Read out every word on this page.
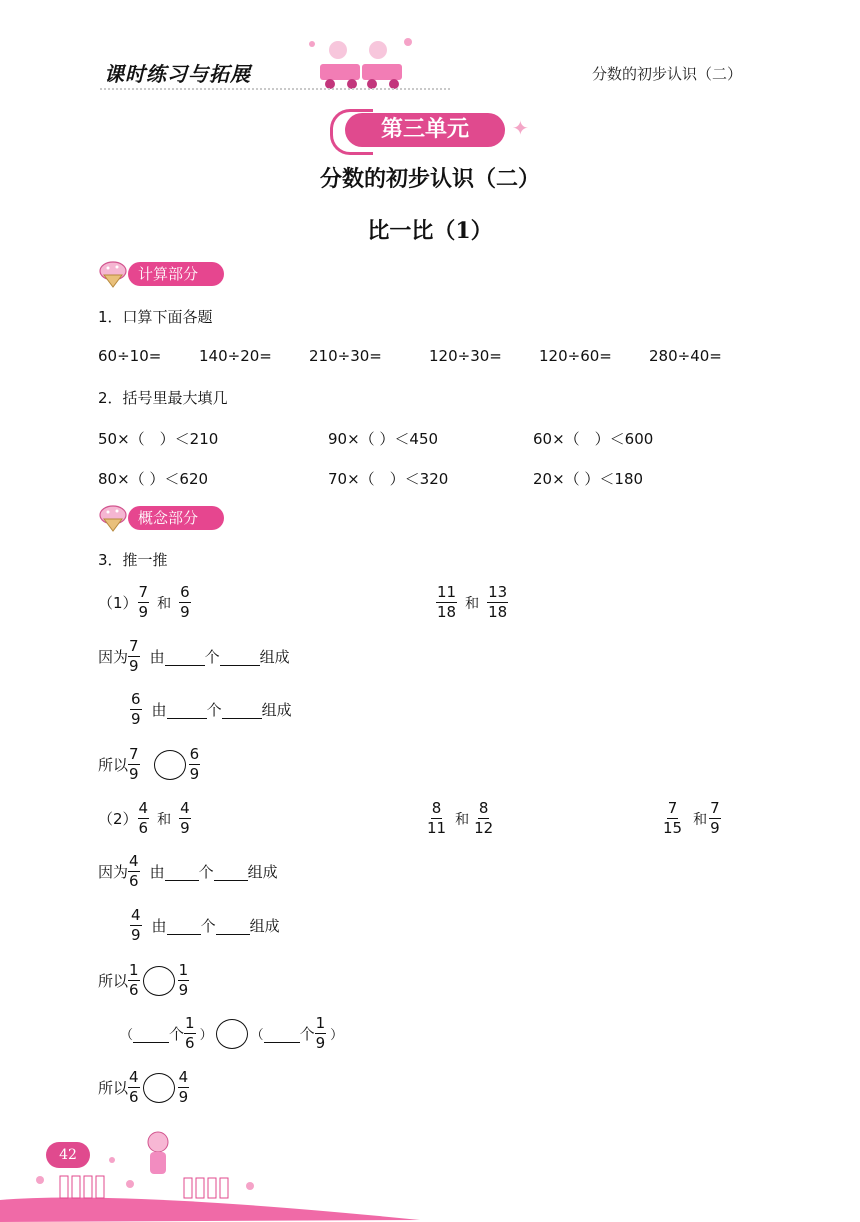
课时练习与拓展	分数的初步认识（二）
第三单元	✦
分数的初步认识（二）
比一比（1）
计算部分
1．口算下面各题
60÷10=	140÷20= 210÷30=	120÷30= 120÷60= 280÷40=
2．括号里最大填几
50×（　）＜210	90×（ ）＜450	60×（　）＜600
80×（ ）＜620	70×（　）＜320	20×（ ）＜180
概念部分
3．推一推
$(1) \frac{7}{9}$ 和 $\frac{6}{9}$	$\frac{11}{18}$ 和 $\frac{13}{18}$
因为 $\frac{7}{9}$ 由	个	组成
$\frac{6}{9}$ 由	个	组成
所以 $\frac{7}{9}$	$\frac{6}{9}$
$(2) \frac{4}{6}$ 和 $\frac{4}{9}$	$\frac{8}{11}$ 和 $\frac{8}{12}$	$\frac{7}{15}$ 和 $\frac{7}{9}$
因为 $\frac{4}{6}$ 由 个 组成
$\frac{4}{9}$ 由 个 组成
所以 $\frac{1}{6}$	$\frac{1}{9}$
（ 个 $\frac{1}{6}$ ）	（ 个 $\frac{1}{9}$ ）
所以 $\frac{4}{6}$	$\frac{4}{9}$
42
